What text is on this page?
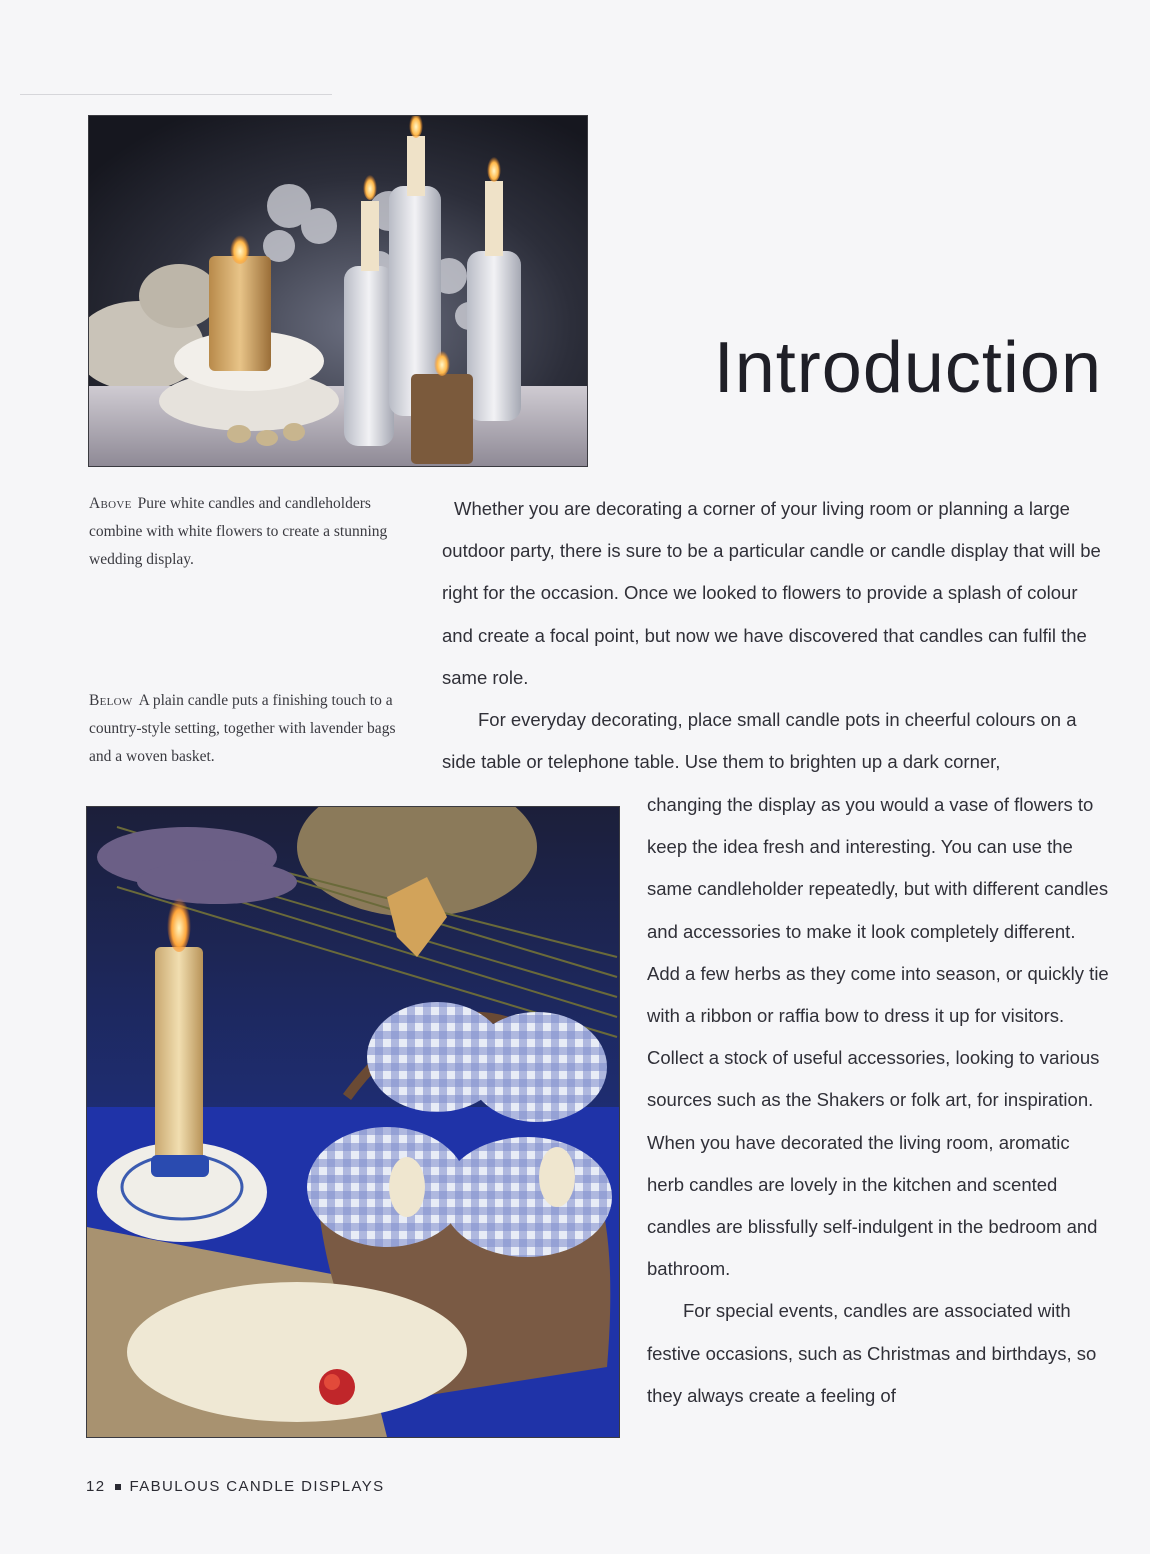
Introduction
Above Pure white candles and candleholders combine with white flowers to create a stunning wedding display.
Below A plain candle puts a finishing touch to a country-style setting, together with lavender bags and a woven basket.

Whether you are decorating a corner of your living room or planning a large outdoor party, there is sure to be a particular candle or candle display that will be right for the occasion. Once we looked to flowers to provide a splash of colour and create a focal point, but now we have discovered that candles can fulfil the same role.
For everyday decorating, place small candle pots in cheerful colours on a side table or telephone table. Use them to brighten up a dark corner,

changing the display as you would a vase of flowers to keep the idea fresh and interesting. You can use the same candleholder repeatedly, but with different candles and accessories to make it look completely different. Add a few herbs as they come into season, or quickly tie with a ribbon or raffia bow to dress it up for visitors. Collect a stock of useful accessories, looking to various sources such as the Shakers or folk art, for inspiration. When you have decorated the living room, aromatic herb candles are lovely in the kitchen and scented candles are blissfully self-indulgent in the bedroom and bathroom.
For special events, candles are associated with festive occasions, such as Christmas and birthdays, so they always create a feeling of

12 FABULOUS CANDLE DISPLAYS
